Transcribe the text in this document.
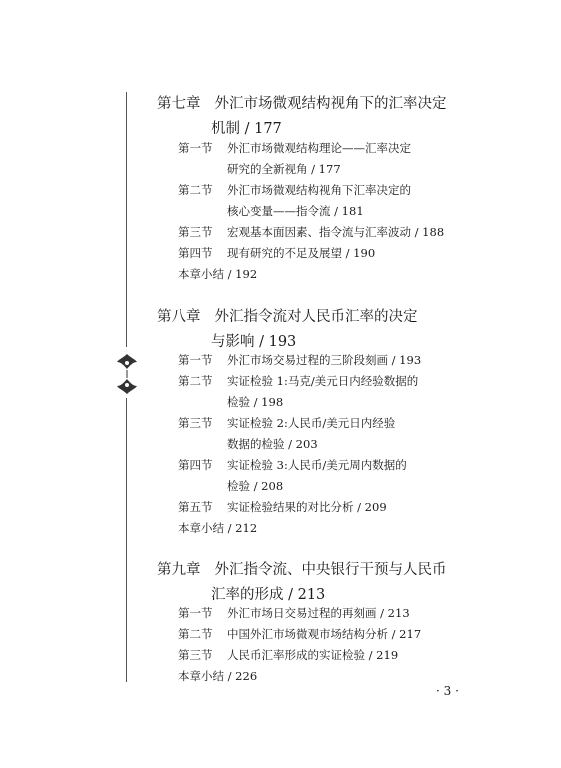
第七章 外汇市场微观结构视角下的汇率决定
机制 / 177
第一节 外汇市场微观结构理论——汇率决定
研究的全新视角 / 177
第二节 外汇市场微观结构视角下汇率决定的
核心变量——指令流 / 181
第三节 宏观基本面因素、指令流与汇率波动 / 188
第四节 现有研究的不足及展望 / 190
本章小结 / 192
第八章 外汇指令流对人民币汇率的决定
与影响 / 193
第一节 外汇市场交易过程的三阶段刻画 / 193
第二节 实证检验 1:马克/美元日内经验数据的
检验 / 198
第三节 实证检验 2:人民币/美元日内经验
数据的检验 / 203
第四节 实证检验 3:人民币/美元周内数据的
检验 / 208
第五节 实证检验结果的对比分析 / 209
本章小结 / 212
第九章 外汇指令流、中央银行干预与人民币
汇率的形成 / 213
第一节 外汇市场日交易过程的再刻画 / 213
第二节 中国外汇市场微观市场结构分析 / 217
第三节 人民币汇率形成的实证检验 / 219
本章小结 / 226
· 3 ·
